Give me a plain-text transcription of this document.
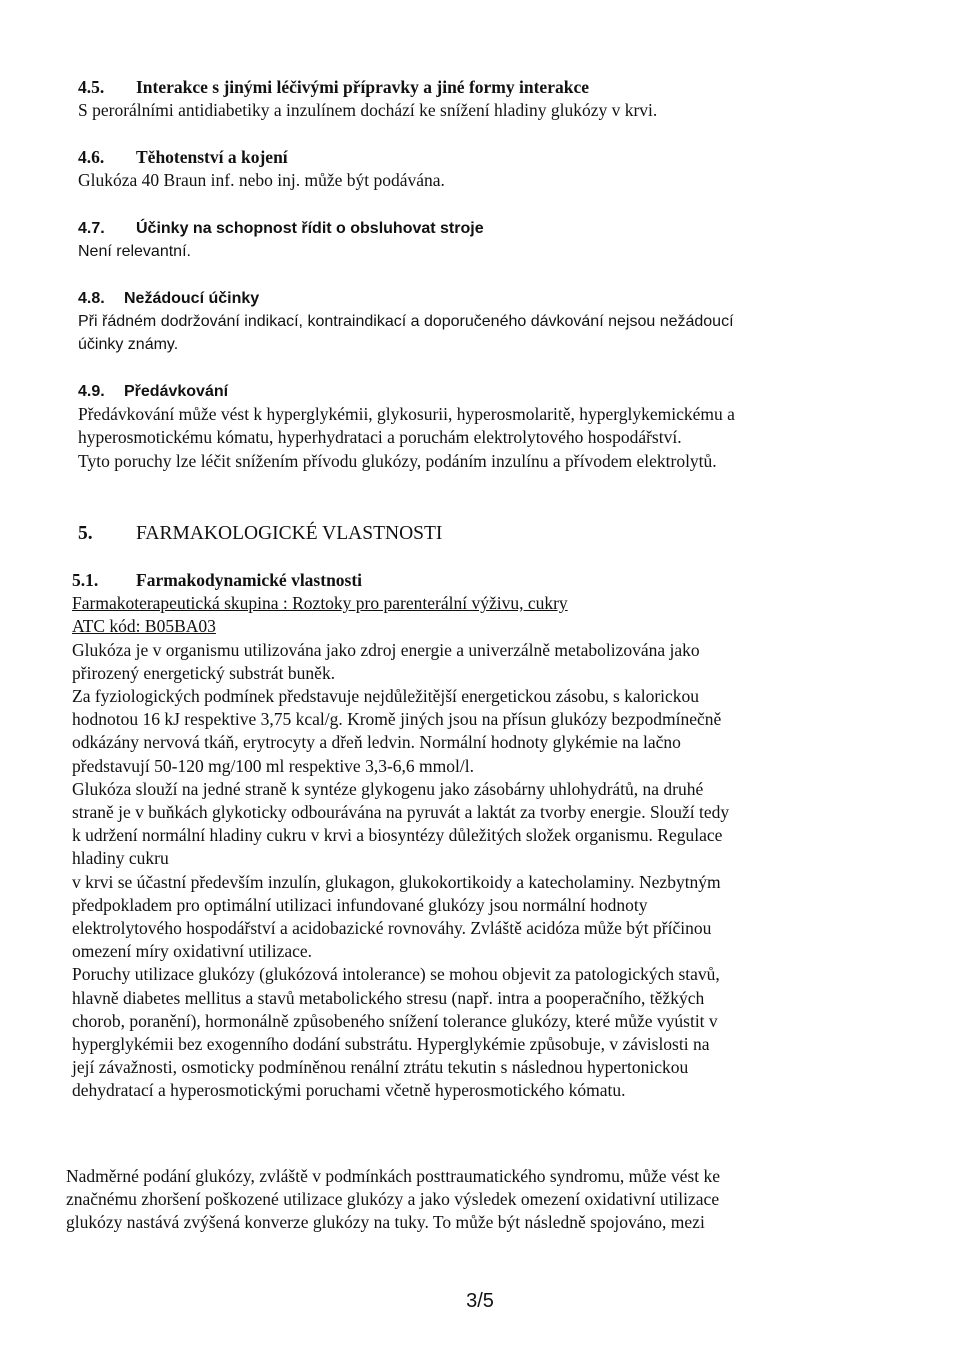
4.5. Interakce s jinými léčivými přípravky a jiné formy interakce
S perorálními antidiabetiky a inzulínem dochází ke snížení hladiny glukózy v krvi.
4.6. Těhotenství a kojení
Glukóza 40 Braun inf. nebo inj. může být podávána.
4.7. Účinky na schopnost řídit o obsluhovat stroje
Není relevantní.
4.8. Nežádoucí účinky
Při řádném dodržování indikací, kontraindikací a doporučeného dávkování nejsou nežádoucí
účinky známy.
4.9. Předávkování
Předávkování může vést k hyperglykémii, glykosurii, hyperosmolaritě, hyperglykemickému a
hyperosmotickému kómatu, hyperhydrataci a poruchám elektrolytového hospodářství.
Tyto poruchy lze léčit snížením přívodu glukózy, podáním inzulínu a přívodem elektrolytů.
5. FARMAKOLOGICKÉ VLASTNOSTI
5.1. Farmakodynamické vlastnosti
Farmakoterapeutická skupina : Roztoky pro parenterální výživu, cukry
ATC kód: B05BA03
Glukóza je v organismu utilizována jako zdroj energie a univerzálně metabolizována jako
přirozený energetický substrát buněk.
Za fyziologických podmínek představuje nejdůležitější energetickou zásobu, s kalorickou
hodnotou 16 kJ respektive 3,75 kcal/g. Kromě jiných jsou na přísun glukózy bezpodmínečně
odkázány nervová tkáň, erytrocyty a dřeň ledvin. Normální hodnoty glykémie na lačno
představují 50-120 mg/100 ml respektive 3,3-6,6 mmol/l.
Glukóza slouží na jedné straně k syntéze glykogenu jako zásobárny uhlohydrátů, na druhé
straně je v buňkách glykoticky odbourávána na pyruvát a laktát za tvorby energie. Slouží tedy
k udržení normální hladiny cukru v krvi a biosyntézy důležitých složek organismu. Regulace
hladiny cukru
v krvi se účastní především inzulín, glukagon, glukokortikoidy a katecholaminy. Nezbytným
předpokladem pro optimální utilizaci infundované glukózy jsou normální hodnoty
elektrolytového hospodářství a acidobazické rovnováhy. Zvláště acidóza může být příčinou
omezení míry oxidativní utilizace.
Poruchy utilizace glukózy (glukózová intolerance) se mohou objevit za patologických stavů,
hlavně diabetes mellitus a stavů metabolického stresu (např. intra a pooperačního, těžkých
chorob, poranění), hormonálně způsobeného snížení tolerance glukózy, které může vyústit v
hyperglykémii bez exogenního dodání substrátu. Hyperglykémie způsobuje, v závislosti na
její závažnosti, osmoticky podmíněnou renální ztrátu tekutin s následnou hypertonickou
dehydratací a hyperosmotickými poruchami včetně hyperosmotického kómatu.
Nadměrné podání glukózy, zvláště v podmínkách posttraumatického syndromu, může vést ke
značnému zhoršení poškozené utilizace glukózy a jako výsledek omezení oxidativní utilizace
glukózy nastává zvýšená konverze glukózy na tuky. To může být následně spojováno, mezi
3/5
